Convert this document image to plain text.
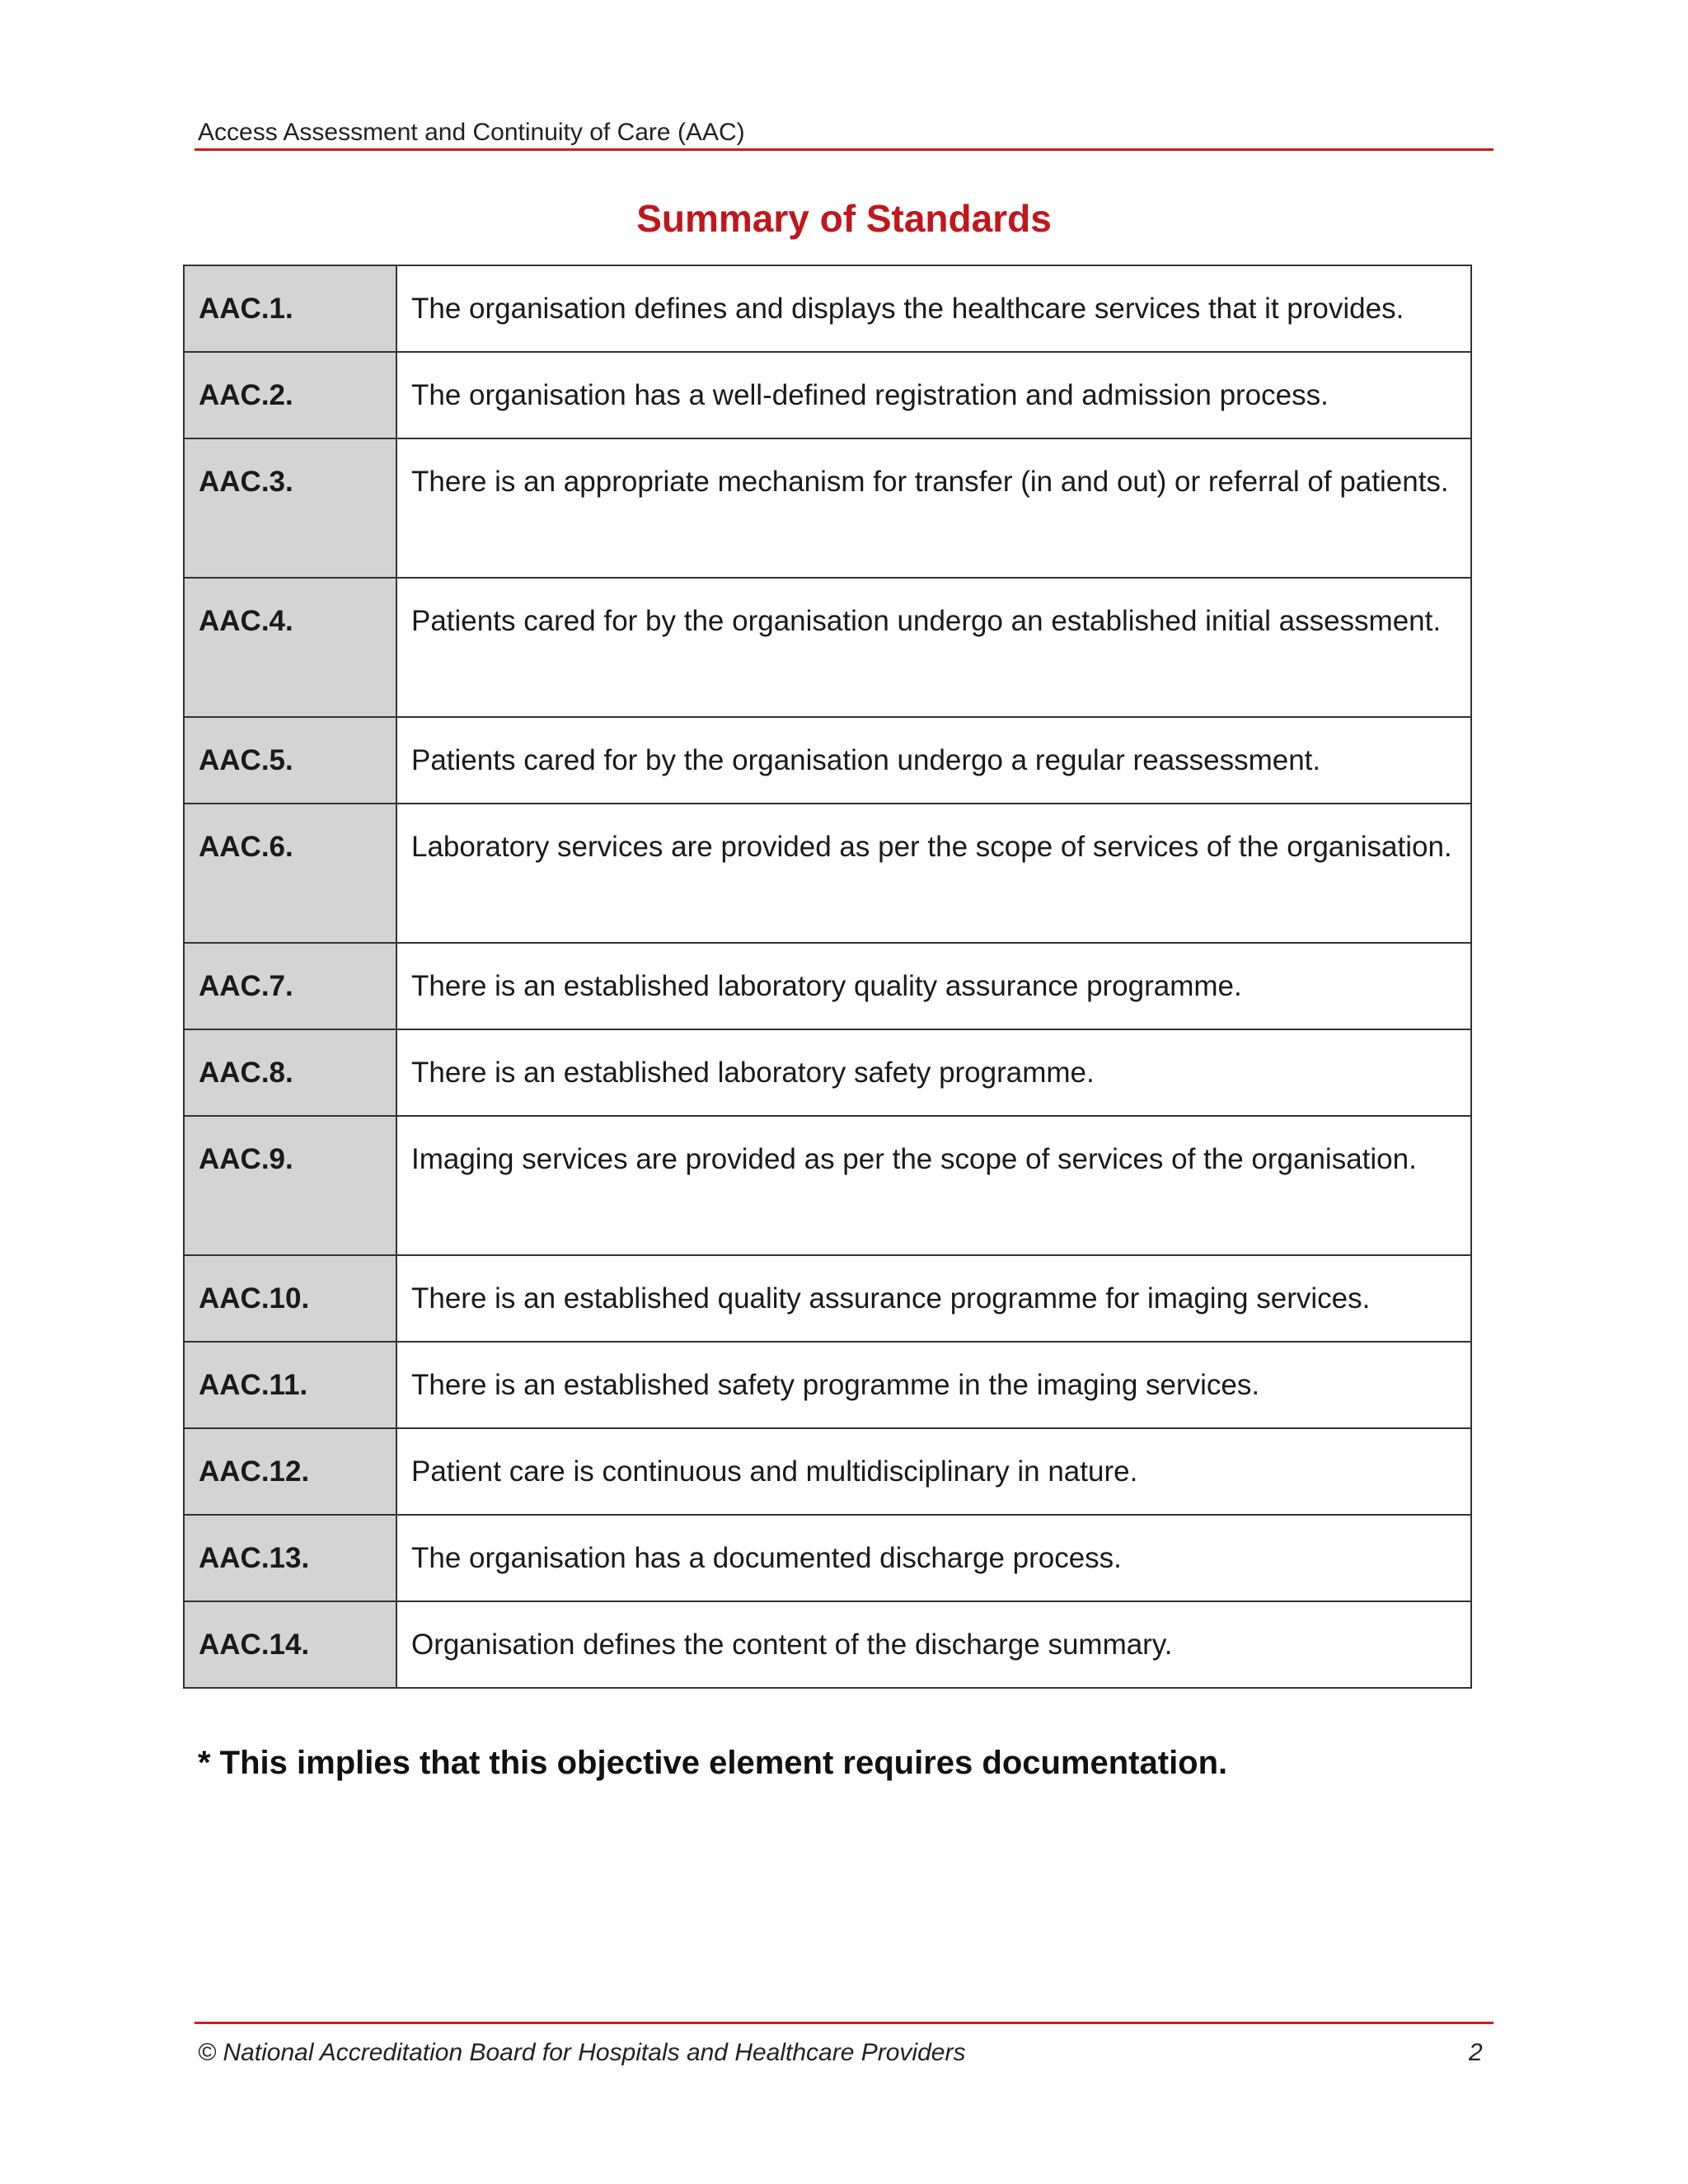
Access Assessment and Continuity of Care (AAC)
Summary of Standards
AAC.1.	The organisation defines and displays the healthcare services that it provides.
AAC.2.	The organisation has a well-defined registration and admission process.
AAC.3.	There is an appropriate mechanism for transfer (in and out) or referral of patients.
AAC.4.	Patients cared for by the organisation undergo an established initial assessment.
AAC.5.	Patients cared for by the organisation undergo a regular reassessment.
AAC.6.	Laboratory services are provided as per the scope of services of the organisation.
AAC.7.	There is an established laboratory quality assurance programme.
AAC.8.	There is an established laboratory safety programme.
AAC.9.	Imaging services are provided as per the scope of services of the organisation.
AAC.10.	There is an established quality assurance programme for imaging services.
AAC.11.	There is an established safety programme in the imaging services.
AAC.12.	Patient care is continuous and multidisciplinary in nature.
AAC.13.	The organisation has a documented discharge process.
AAC.14.	Organisation defines the content of the discharge summary.
* This implies that this objective element requires documentation.
© National Accreditation Board for Hospitals and Healthcare Providers	2
